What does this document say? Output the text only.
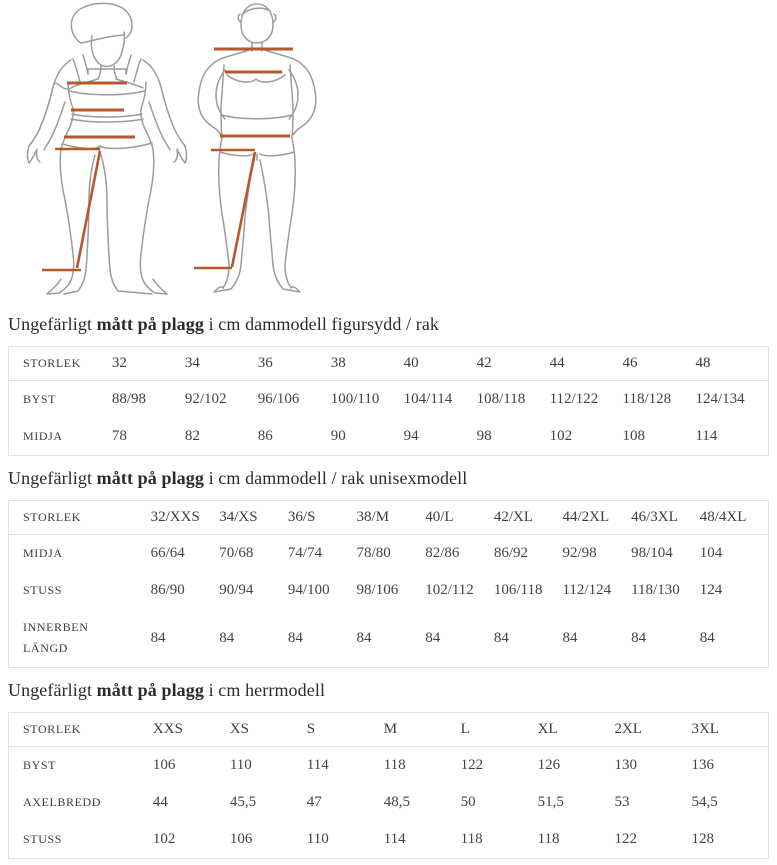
Ungefärligt mått på plagg i cm dammodell figursydd / rak
STORLEK	32	34	36	38	40	42	44	46	48
BYST	88/98	92/102	96/106	100/110	104/114	108/118	112/122	118/128	124/134
MIDJA	78	82	86	90	94	98	102	108	114
Ungefärligt mått på plagg i cm dammodell / rak unisexmodell
STORLEK	32/XXS	34/XS	36/S	38/M	40/L	42/XL	44/2XL	46/3XL	48/4XL
MIDJA	66/64	70/68	74/74	78/80	82/86	86/92	92/98	98/104	104
STUSS	86/90	90/94	94/100	98/106	102/112	106/118	112/124	118/130	124
INNERBEN LÄNGD	84	84	84	84	84	84	84	84	84
Ungefärligt mått på plagg i cm herrmodell
STORLEK	XXS	XS	S	M	L	XL	2XL	3XL
BYST	106	110	114	118	122	126	130	136
AXELBREDD	44	45,5	47	48,5	50	51,5	53	54,5
STUSS	102	106	110	114	118	118	122	128
